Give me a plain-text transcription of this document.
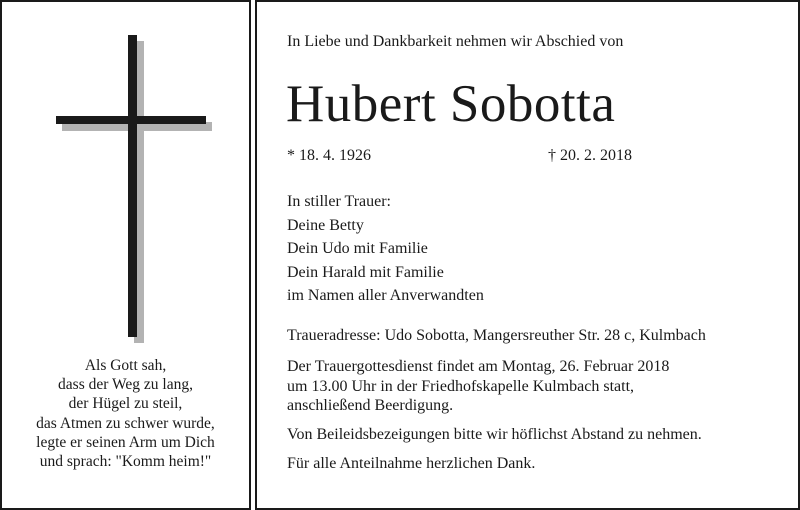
Als Gott sah,
dass der Weg zu lang,
der Hügel zu steil,
das Atmen zu schwer wurde,
legte er seinen Arm um Dich
und sprach: "Komm heim!"
In Liebe und Dankbarkeit nehmen wir Abschied von
Hubert Sobotta
* 18. 4. 1926	† 20. 2. 2018
In stiller Trauer:
Deine Betty
Dein Udo mit Familie
Dein Harald mit Familie
im Namen aller Anverwandten
Traueradresse: Udo Sobotta, Mangersreuther Str. 28 c, Kulmbach
Der Trauergottesdienst findet am Montag, 26. Februar 2018
um 13.00 Uhr in der Friedhofskapelle Kulmbach statt,
anschließend Beerdigung.
Von Beileidsbezeigungen bitte wir höflichst Abstand zu nehmen.
Für alle Anteilnahme herzlichen Dank.
